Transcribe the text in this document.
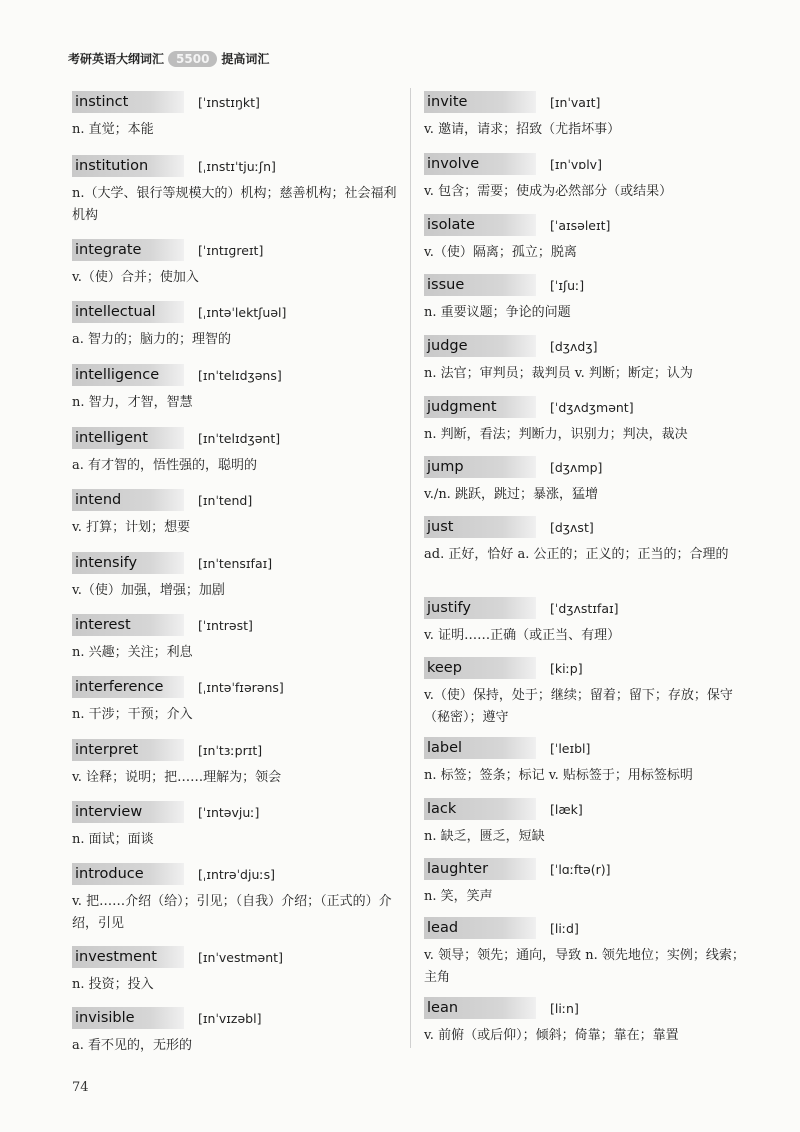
考研英语大纲词汇	5500	提高词汇
instinct	[ˈɪnstɪŋkt]
n. 直觉；本能
institution	[ˌɪnstɪˈtjuːʃn]
n.（大学、银行等规模大的）机构；慈善机构；社会福利机构
integrate	[ˈɪntɪɡreɪt]
v.（使）合并；使加入
intellectual	[ˌɪntəˈlektʃuəl]
a. 智力的；脑力的；理智的
intelligence	[ɪnˈtelɪdʒəns]
n. 智力，才智，智慧
intelligent	[ɪnˈtelɪdʒənt]
a. 有才智的，悟性强的，聪明的
intend	[ɪnˈtend]
v. 打算；计划；想要
intensify	[ɪnˈtensɪfaɪ]
v.（使）加强，增强；加剧
interest	[ˈɪntrəst]
n. 兴趣；关注；利息
interference	[ˌɪntəˈfɪərəns]
n. 干涉；干预；介入
interpret	[ɪnˈtɜːprɪt]
v. 诠释；说明；把……理解为；领会
interview	[ˈɪntəvjuː]
n. 面试；面谈
introduce	[ˌɪntrəˈdjuːs]
v. 把……介绍（给）；引见；（自我）介绍；（正式的）介绍，引见
investment	[ɪnˈvestmənt]
n. 投资；投入
invisible	[ɪnˈvɪzəbl]
a. 看不见的，无形的
invite	[ɪnˈvaɪt]
v. 邀请，请求；招致（尤指坏事）
involve	[ɪnˈvɒlv]
v. 包含；需要；使成为必然部分（或结果）
isolate	[ˈaɪsəleɪt]
v.（使）隔离；孤立；脱离
issue	[ˈɪʃuː]
n. 重要议题；争论的问题
judge	[dʒʌdʒ]
n. 法官；审判员；裁判员 v. 判断；断定；认为
judgment	[ˈdʒʌdʒmənt]
n. 判断，看法；判断力，识别力；判决，裁决
jump	[dʒʌmp]
v./n. 跳跃，跳过；暴涨，猛增
just	[dʒʌst]
ad. 正好，恰好 a. 公正的；正义的；正当的；合理的
justify	[ˈdʒʌstɪfaɪ]
v. 证明……正确（或正当、有理）
keep	[kiːp]
v.（使）保持，处于；继续；留着；留下；存放；保守（秘密）；遵守
label	[ˈleɪbl]
n. 标签；签条；标记 v. 贴标签于；用标签标明
lack	[læk]
n. 缺乏，匮乏，短缺
laughter	[ˈlɑːftə(r)]
n. 笑，笑声
lead	[liːd]
v. 领导；领先；通向，导致 n. 领先地位；实例；线索；主角
lean	[liːn]
v. 前俯（或后仰）；倾斜；倚靠；靠在；靠置
74
